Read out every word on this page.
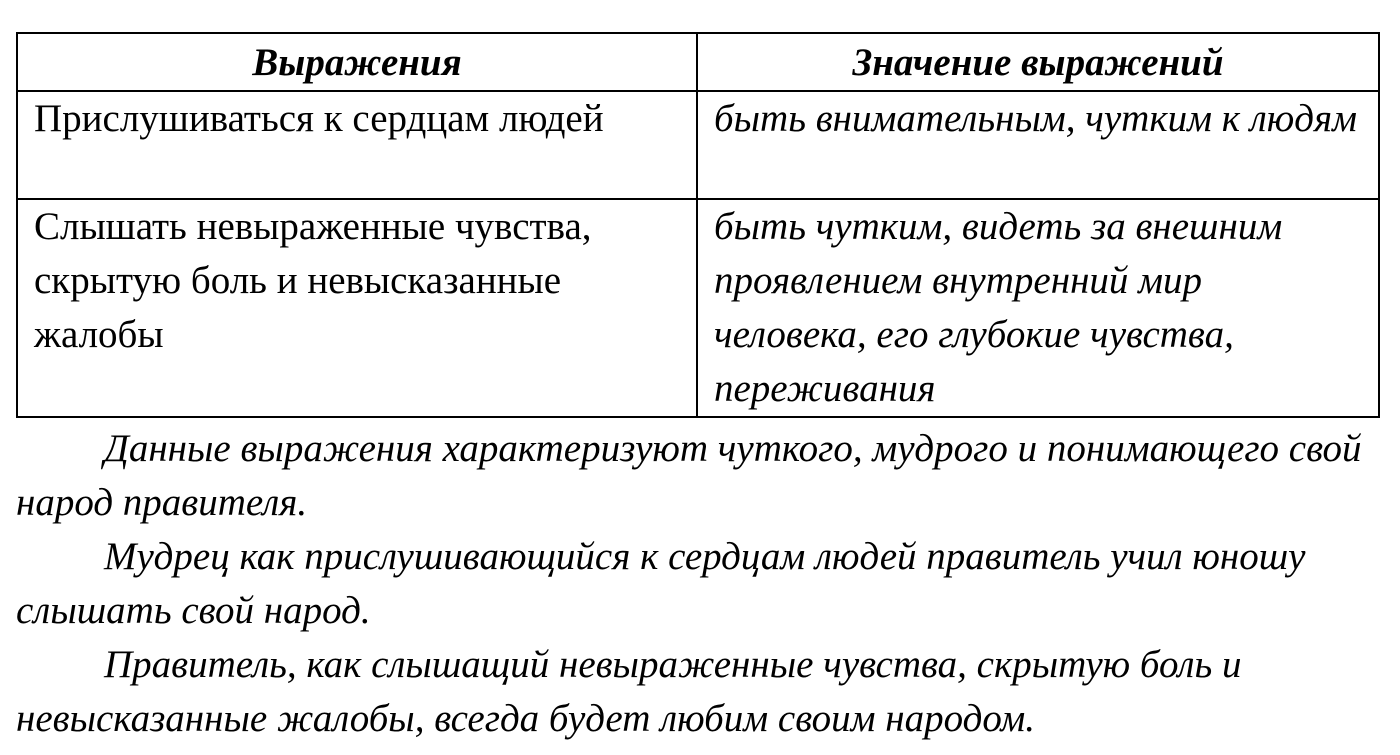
Выражения	Значение выражений
Прислушиваться к сердцам людей	быть внимательным, чутким к людям
Слышать невыраженные чувства, скрытую боль и невысказанные жалобы	быть чутким, видеть за внешним проявлением внутренний мир человека, его глубокие чувства, переживания

Данные выражения характеризуют чуткого, мудрого и понимающего свой народ правителя.

Мудрец как прислушивающийся к сердцам людей правитель учил юношу слышать свой народ.

Правитель, как слышащий невыраженные чувства, скрытую боль и невысказанные жалобы, всегда будет любим своим народом.
